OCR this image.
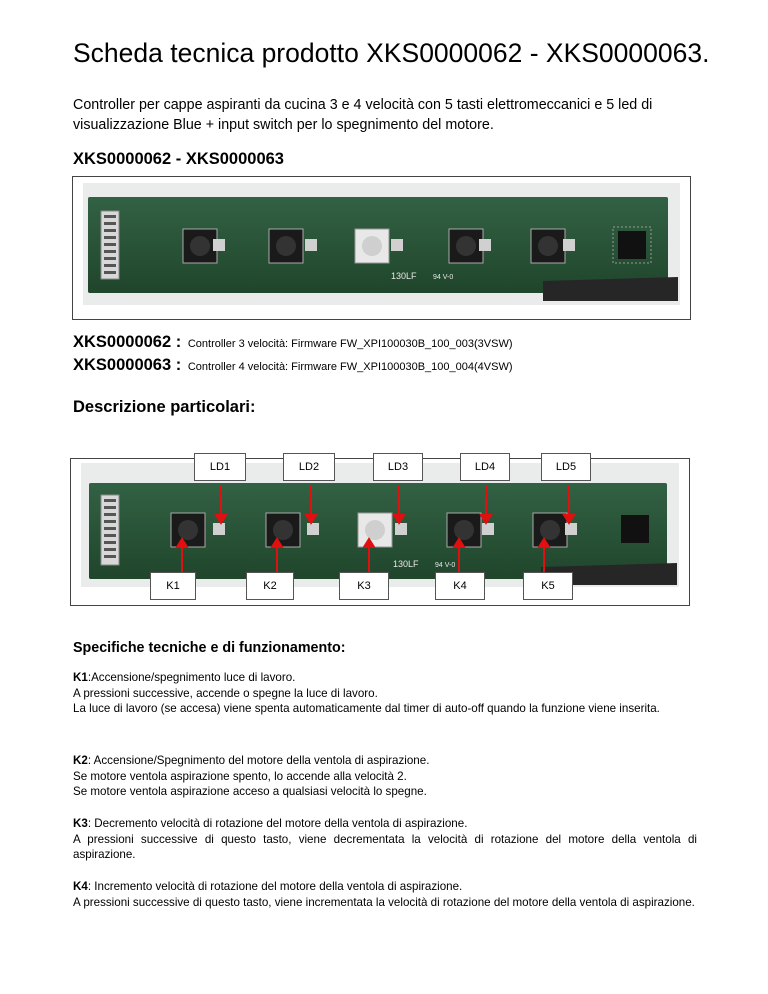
Scheda tecnica prodotto XKS0000062 - XKS0000063.
Controller per cappe aspiranti da cucina 3 e 4 velocità con 5 tasti elettromeccanici e 5 led di visualizzazione Blue + input switch per lo spegnimento del motore.
XKS0000062 - XKS0000063
130LF 94 V-0
XKS0000062 : Controller 3 velocità: Firmware FW_XPI100030B_100_003(3VSW)
XKS0000063 : Controller 4 velocità: Firmware FW_XPI100030B_100_004(4VSW)
Descrizione particolari:
130LF 94 V-0
LD1	LD2	LD3	LD4	LD5
K1	K2	K3	K4	K5
Specifiche tecniche e di funzionamento:

K1:Accensione/spegnimento luce di lavoro.

A pressioni successive, accende o spegne la luce di lavoro.

La luce di lavoro (se accesa) viene spenta automaticamente dal timer di auto-off quando la funzione viene inserita.

K2: Accensione/Spegnimento del motore della ventola di aspirazione.

Se motore ventola aspirazione spento, lo accende alla velocità 2.

Se motore ventola aspirazione acceso a qualsiasi velocità lo spegne.

K3: Decremento velocità di rotazione del motore della ventola di aspirazione.

A pressioni successive di questo tasto, viene decrementata la velocità di rotazione del motore della ventola di aspirazione.

K4: Incremento velocità di rotazione del motore della ventola di aspirazione.

A pressioni successive di questo tasto, viene incrementata la velocità di rotazione del motore della ventola di aspirazione.
